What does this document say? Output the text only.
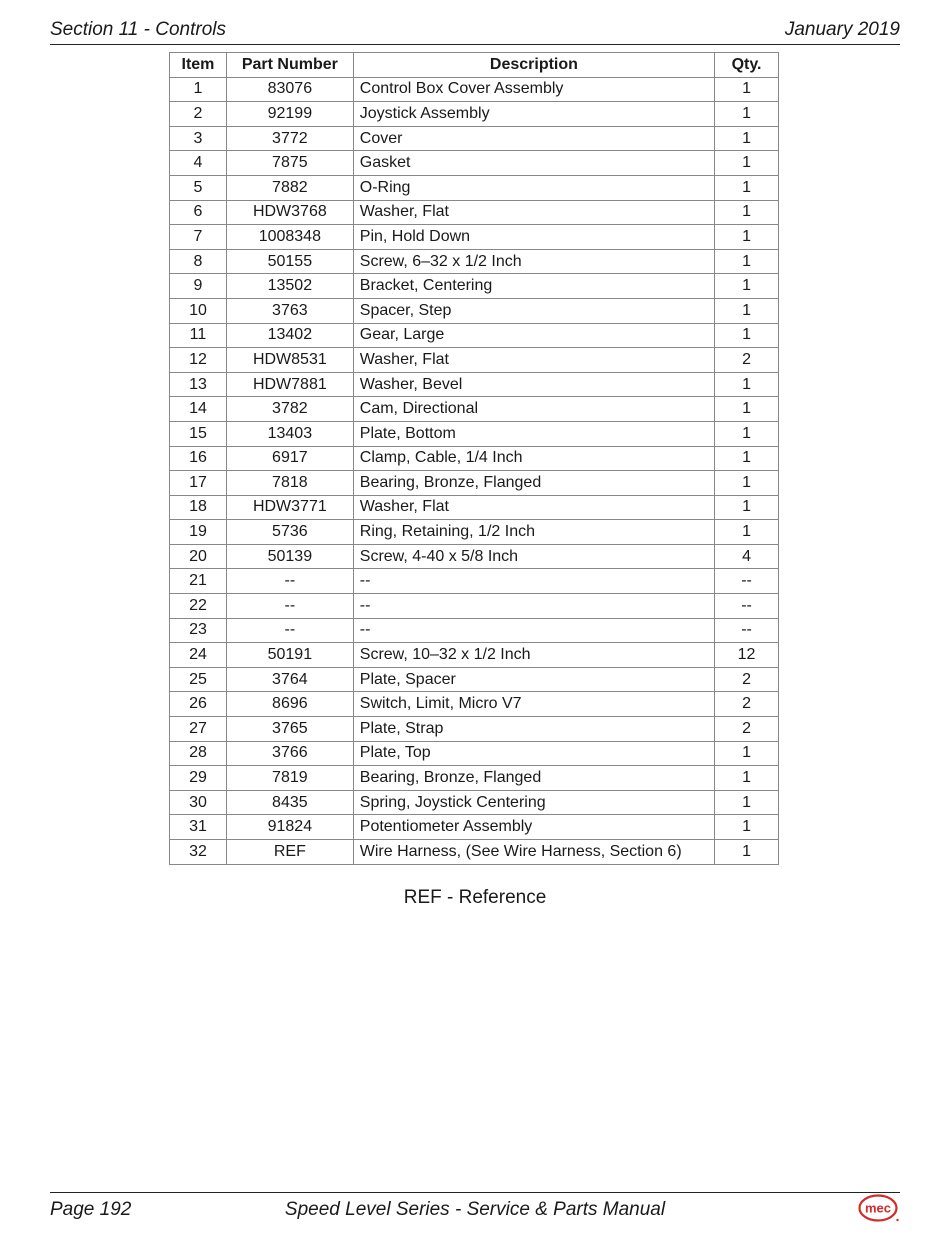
Section 11 - Controls	January 2019
Item	Part Number	Description	Qty.
1	83076	Control Box Cover Assembly	1
2	92199	Joystick Assembly	1
3	3772	Cover	1
4	7875	Gasket	1
5	7882	O-Ring	1
6	HDW3768	Washer, Flat	1
7	1008348	Pin, Hold Down	1
8	50155	Screw, 6–32 x 1/2 Inch	1
9	13502	Bracket, Centering	1
10	3763	Spacer, Step	1
11	13402	Gear, Large	1
12	HDW8531	Washer, Flat	2
13	HDW7881	Washer, Bevel	1
14	3782	Cam, Directional	1
15	13403	Plate, Bottom	1
16	6917	Clamp, Cable, 1/4 Inch	1
17	7818	Bearing, Bronze, Flanged	1
18	HDW3771	Washer, Flat	1
19	5736	Ring, Retaining, 1/2 Inch	1
20	50139	Screw, 4-40 x 5/8 Inch	4
21	--	--	--
22	--	--	--
23	--	--	--
24	50191	Screw, 10–32 x 1/2 Inch	12
25	3764	Plate, Spacer	2
26	8696	Switch, Limit, Micro V7	2
27	3765	Plate, Strap	2
28	3766	Plate, Top	1
29	7819	Bearing, Bronze, Flanged	1
30	8435	Spring, Joystick Centering	1
31	91824	Potentiometer Assembly	1
32	REF	Wire Harness, (See Wire Harness, Section 6)	1
REF - Reference
Page 192	Speed Level Series - Service & Parts Manual	mec
